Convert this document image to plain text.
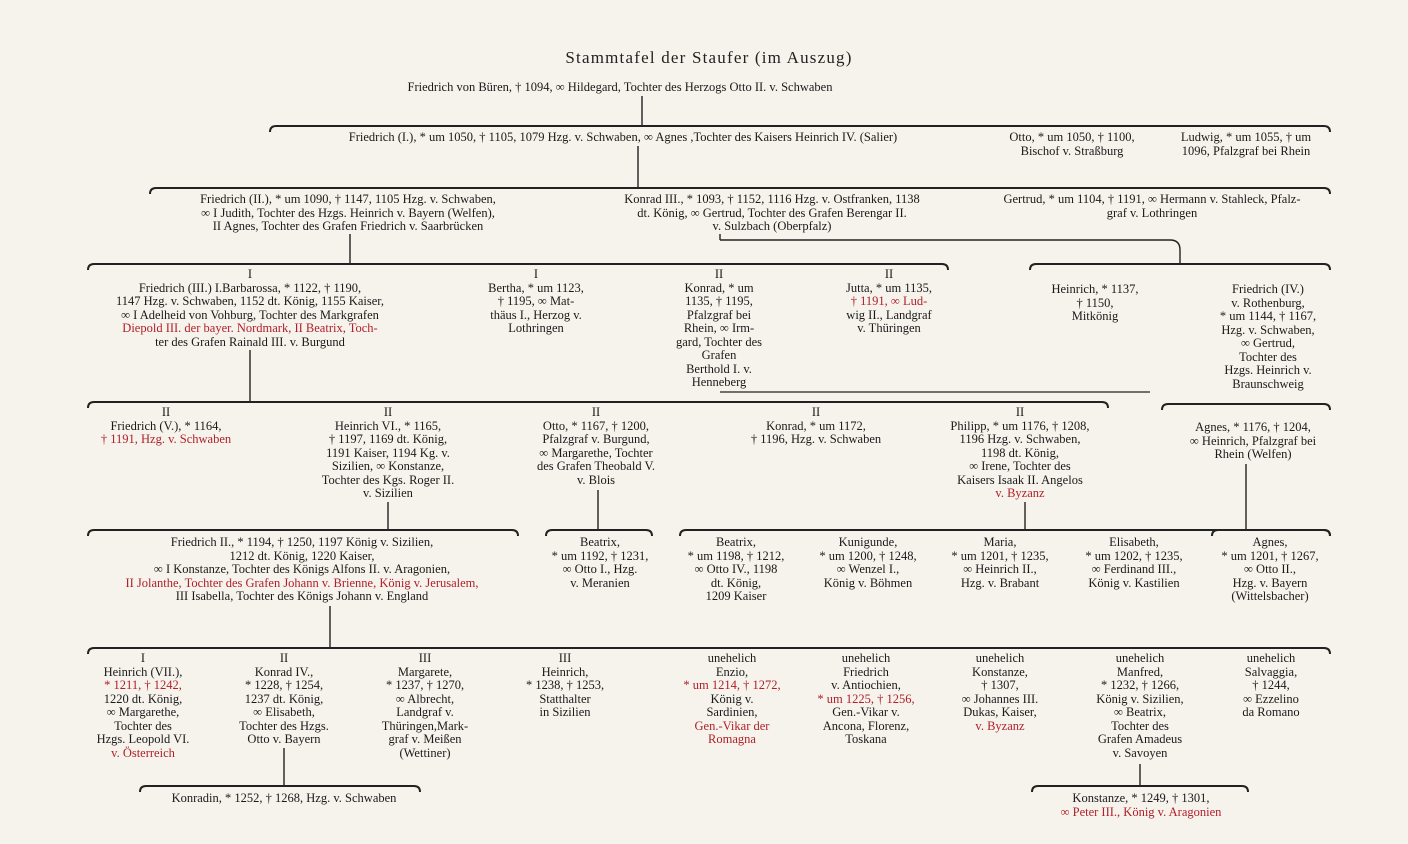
Stammtafel der Staufer (im Auszug)
Friedrich von Büren, † 1094, ∞ Hildegard, Tochter des Herzogs Otto II. v. Schwaben
Friedrich (I.), * um 1050, † 1105, 1079 Hzg. v. Schwaben, ∞ Agnes ,Tochter des Kaisers Heinrich IV. (Salier)	Otto, * um 1050, † 1100,
Bischof v. Straßburg
Ludwig, * um 1055, † um
1096, Pfalzgraf bei Rhein
Friedrich (II.), * um 1090, † 1147, 1105 Hzg. v. Schwaben,
∞ I Judith, Tochter des Hzgs. Heinrich v. Bayern (Welfen),
II Agnes, Tochter des Grafen Friedrich v. Saarbrücken
Konrad III., * 1093, † 1152, 1116 Hzg. v. Ostfranken, 1138
dt. König, ∞ Gertrud, Tochter des Grafen Berengar II.
v. Sulzbach (Oberpfalz)
Gertrud, * um 1104, † 1191, ∞ Hermann v. Stahleck, Pfalz-
graf v. Lothringen
I
Friedrich (III.) I.Barbarossa, * 1122, † 1190,
1147 Hzg. v. Schwaben, 1152 dt. König, 1155 Kaiser,
∞ I Adelheid von Vohburg, Tochter des Markgrafen
Diepold III. der bayer. Nordmark, II Beatrix, Toch-
ter des Grafen Rainald III. v. Burgund
I
Bertha, * um 1123,
† 1195, ∞ Mat-
thäus I., Herzog v.
Lothringen
II
Konrad, * um
1135, † 1195,
Pfalzgraf bei
Rhein, ∞ Irm-
gard, Tochter des
Grafen
Berthold I. v.
Henneberg
II
Jutta, * um 1135,
† 1191, ∞ Lud-
wig II., Landgraf
v. Thüringen
Heinrich, * 1137,
† 1150,
Mitkönig
Friedrich (IV.)
v. Rothenburg,
* um 1144, † 1167,
Hzg. v. Schwaben,
∞ Gertrud,
Tochter des
Hzgs. Heinrich v.
Braunschweig
II
Friedrich (V.), * 1164,
† 1191, Hzg. v. Schwaben
II
Heinrich VI., * 1165,
† 1197, 1169 dt. König,
1191 Kaiser, 1194 Kg. v.
Sizilien, ∞ Konstanze,
Tochter des Kgs. Roger II.
v. Sizilien
II
Otto, * 1167, † 1200,
Pfalzgraf v. Burgund,
∞ Margarethe, Tochter
des Grafen Theobald V.
v. Blois
II
Konrad, * um 1172,
† 1196, Hzg. v. Schwaben
II
Philipp, * um 1176, † 1208,
1196 Hzg. v. Schwaben,
1198 dt. König,
∞ Irene, Tochter des
Kaisers Isaak II. Angelos
v. Byzanz
Agnes, * 1176, † 1204,
∞ Heinrich, Pfalzgraf bei
Rhein (Welfen)
Friedrich II., * 1194, † 1250, 1197 König v. Sizilien,
1212 dt. König, 1220 Kaiser,
∞ I Konstanze, Tochter des Königs Alfons II. v. Aragonien,
II Jolanthe, Tochter des Grafen Johann v. Brienne, König v. Jerusalem,
III Isabella, Tochter des Königs Johann v. England
Beatrix,
* um 1192, † 1231,
∞ Otto I., Hzg.
v. Meranien
Beatrix,
* um 1198, † 1212,
∞ Otto IV., 1198
dt. König,
1209 Kaiser
Kunigunde,
* um 1200, † 1248,
∞ Wenzel I.,
König v. Böhmen
Maria,
* um 1201, † 1235,
∞ Heinrich II.,
Hzg. v. Brabant
Elisabeth,
* um 1202, † 1235,
∞ Ferdinand III.,
König v. Kastilien
Agnes,
* um 1201, † 1267,
∞ Otto II.,
Hzg. v. Bayern
(Wittelsbacher)
I
Heinrich (VII.),
* 1211, † 1242,
1220 dt. König,
∞ Margarethe,
Tochter des
Hzgs. Leopold VI.
v. Österreich
II
Konrad IV.,
* 1228, † 1254,
1237 dt. König,
∞ Elisabeth,
Tochter des Hzgs.
Otto v. Bayern
III
Margarete,
* 1237, † 1270,
∞ Albrecht,
Landgraf v.
Thüringen,Mark-
graf v. Meißen
(Wettiner)
III
Heinrich,
* 1238, † 1253,
Statthalter
in Sizilien
unehelich
Enzio,
* um 1214, † 1272,
König v.
Sardinien,
Gen.-Vikar der
Romagna
unehelich
Friedrich
v. Antiochien,
* um 1225, † 1256,
Gen.-Vikar v.
Ancona, Florenz,
Toskana
unehelich
Konstanze,
† 1307,
∞ Johannes III.
Dukas, Kaiser,
v. Byzanz
unehelich
Manfred,
* 1232, † 1266,
König v. Sizilien,
∞ Beatrix,
Tochter des
Grafen Amadeus
v. Savoyen
unehelich
Salvaggia,
† 1244,
∞ Ezzelino
da Romano
Konradin, * 1252, † 1268, Hzg. v. Schwaben	Konstanze, * 1249, † 1301,
∞ Peter III., König v. Aragonien
